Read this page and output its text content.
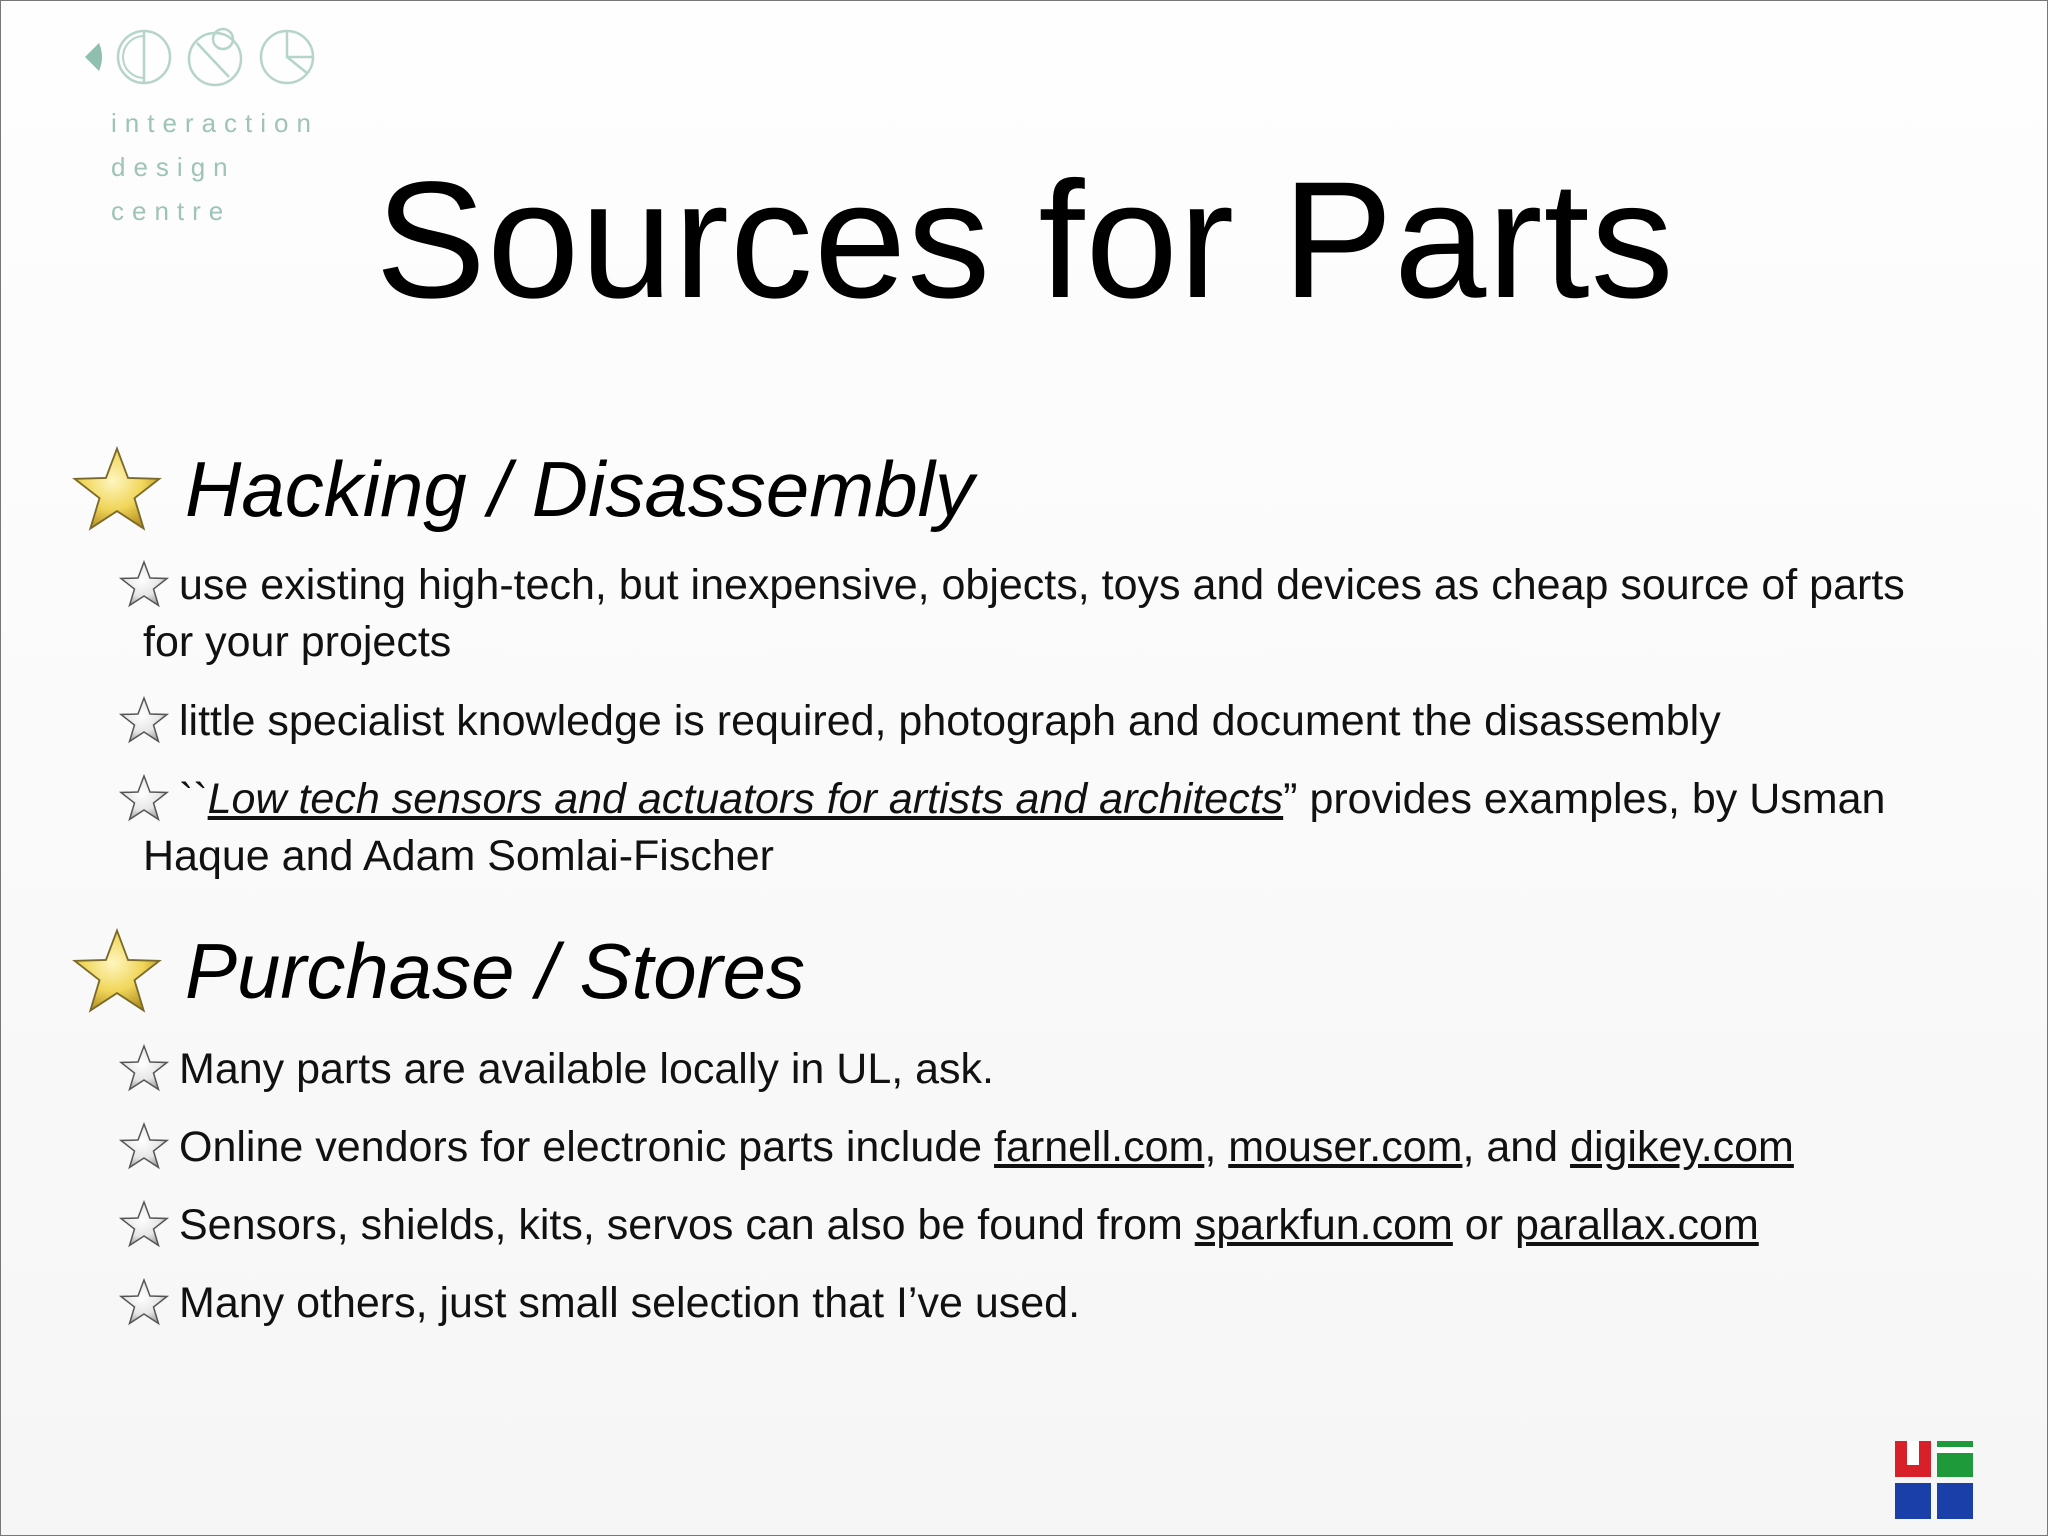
interaction
design
centre Sources for Parts
Hacking / Disassembly
use existing high-tech, but inexpensive, objects, toys and devices as cheap source of parts
for your projects
little specialist knowledge is required, photograph and document the disassembly
``Low tech sensors and actuators for artists and architects” provides examples, by Usman
Haque and Adam Somlai-Fischer
Purchase / Stores
Many parts are available locally in UL, ask.
Online vendors for electronic parts include farnell.com, mouser.com, and digikey.com
Sensors, shields, kits, servos can also be found from sparkfun.com or parallax.com
Many others, just small selection that I’ve used.
